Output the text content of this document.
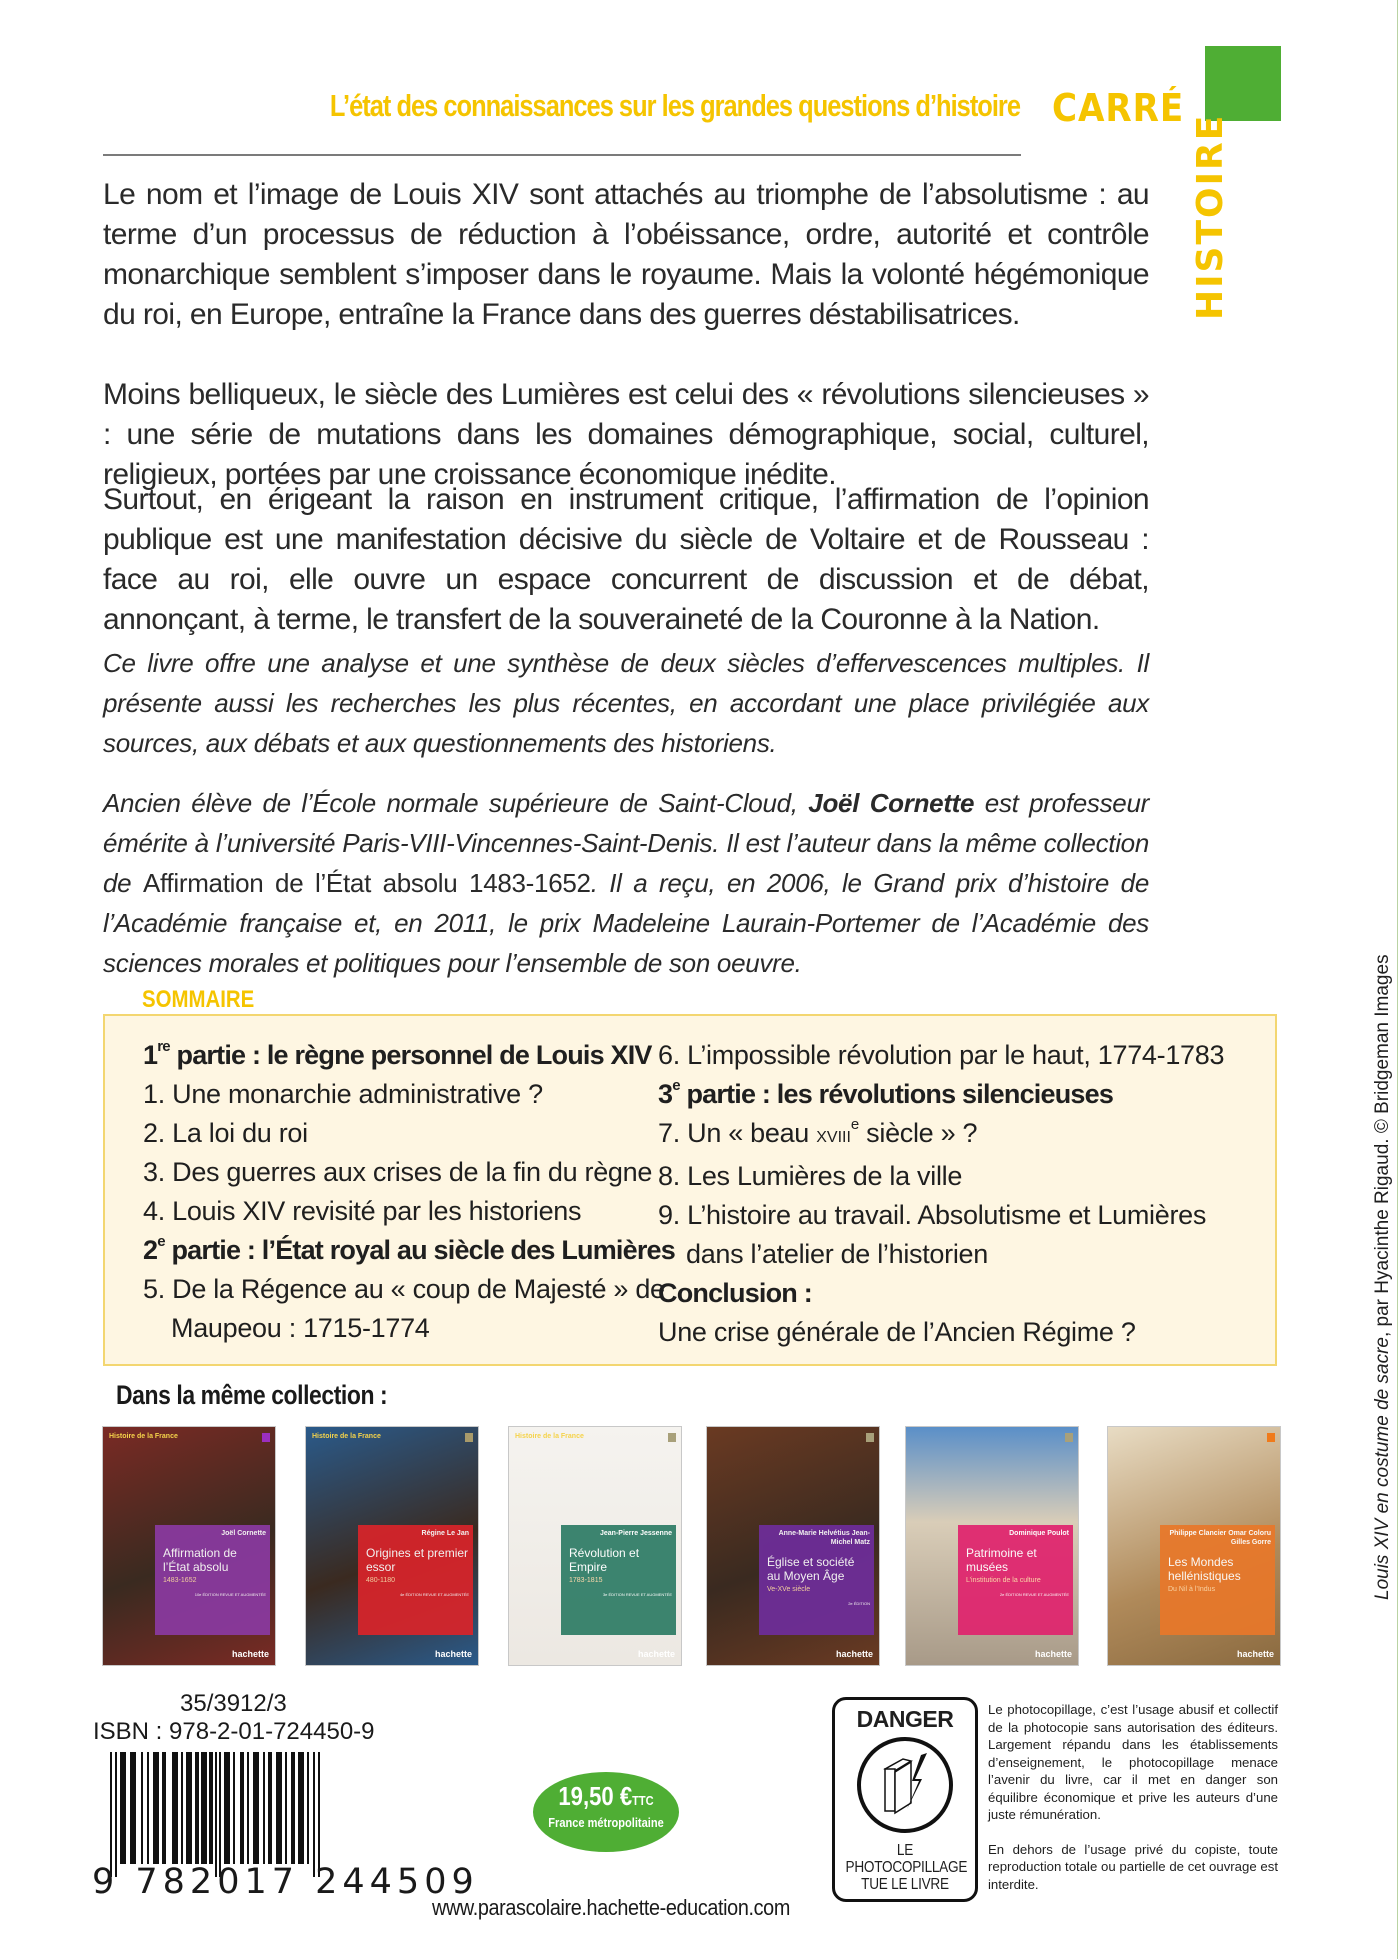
L’état des connaissances sur les grandes questions d’histoire CARRÉ
HISTOIRE
Le nom et l’image de Louis XIV sont attachés au triomphe de l’absolutisme : au terme d’un processus de réduction à l’obéissance, ordre, autorité et contrôle monarchique semblent s’imposer dans le royaume. Mais la volonté hégémonique du roi, en Europe, entraîne la France dans des guerres déstabilisatrices.
Moins belliqueux, le siècle des Lumières est celui des « révolutions silencieuses » : une série de mutations dans les domaines démographique, social, culturel, religieux, portées par une croissance économique inédite.
Surtout, en érigeant la raison en instrument critique, l’affirmation de l’opinion publique est une manifestation décisive du siècle de Voltaire et de Rousseau : face au roi, elle ouvre un espace concurrent de discussion et de débat, annonçant, à terme, le transfert de la souveraineté de la Couronne à la Nation.
Ce livre offre une analyse et une synthèse de deux siècles d’effervescences multiples. Il présente aussi les recherches les plus récentes, en accordant une place privilégiée aux sources, aux débats et aux questionnements des historiens.
Ancien élève de l’École normale supérieure de Saint-Cloud, Joël Cornette est professeur émérite à l’université Paris-VIII-Vincennes-Saint-Denis. Il est l’auteur dans la même collection de Affirmation de l’État absolu 1483-1652. Il a reçu, en 2006, le Grand prix d’histoire de l’Académie française et, en 2011, le prix Madeleine Laurain-Portemer de l’Académie des sciences morales et politiques pour l’ensemble de son oeuvre.
1re partie : le règne personnel de Louis XIV
1. Une monarchie administrative ?
2. La loi du roi
3. Des guerres aux crises de la fin du règne
4. Louis XIV revisité par les historiens
2e partie : l’État royal au siècle des Lumières
5. De la Régence au « coup de Majesté » de
Maupeou : 1715-1774
6. L’impossible révolution par le haut, 1774-1783
3e partie : les révolutions silencieuses
7. Un « beau XVIIIe siècle » ?
8. Les Lumières de la ville
9. L’histoire au travail. Absolutisme et Lumières
dans l’atelier de l’historien
Conclusion :
Une crise générale de l’Ancien Régime ?
SOMMAIRE
Dans la même collection :
Histoire de la France
Joël Cornette
Affirmation de l’État absolu
1483-1652
10e ÉDITION REVUE ET AUGMENTÉE
hachette
Histoire de la France
Régine Le Jan
Origines et premier essor
480-1180
4e ÉDITION REVUE ET AUGMENTÉE
hachette
Histoire de la France
Jean-Pierre Jessenne
Révolution et Empire
1783-1815
3e ÉDITION REVUE ET AUGMENTÉE
hachette
Anne-Marie Helvétius Jean-Michel Matz
Église et société au Moyen Âge
Ve-XVe siècle
2e ÉDITION
hachette
Dominique Poulot
Patrimoine et musées
L’institution de la culture
2e ÉDITION REVUE ET AUGMENTÉE
hachette
Philippe Clancier Omar Coloru Gilles Gorre
Les Mondes hellénistiques
Du Nil à l’Indus
hachette
35/3912/3
ISBN : 978-2-01-724450-9
9 782017 244509
19,50 €TTC
France métropolitaine
www.parascolaire.hachette-education.com
DANGER
LE
PHOTOCOPILLAGE
TUE LE LIVRE

Le photocopillage, c’est l’usage abusif et collectif de la photocopie sans autorisation des éditeurs. Largement répandu dans les établissements d’enseignement, le photocopillage menace l’avenir du livre, car il met en danger son équilibre économique et prive les auteurs d’une juste rémunération.

En dehors de l’usage privé du copiste, toute reproduction totale ou partielle de cet ouvrage est interdite.

Louis XIV en costume de sacre, par Hyacinthe Rigaud. © Bridgeman Images
